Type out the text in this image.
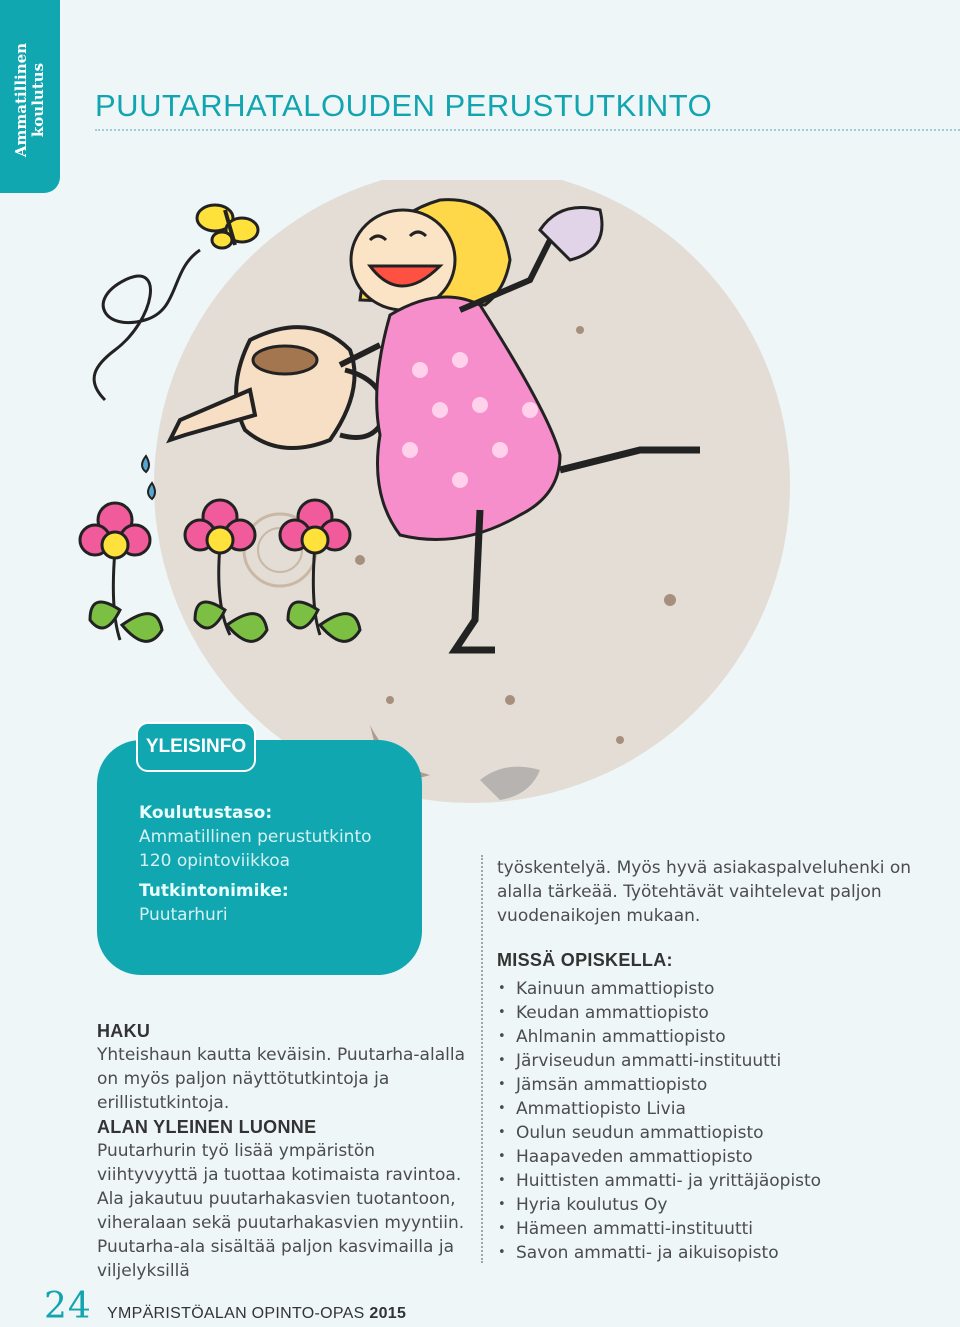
Ammatillinen
koulutus PUUTARHATALOUDEN PERUSTUTKINTO
YLEISINFO
Koulutustaso:
Ammatillinen perustutkinto
120 opintoviikkoa
Tutkintonimike:
Puutarhuri
HAKU

Yhteishaun kautta keväisin. Puutarha-alalla on myös paljon näyttötutkintoja ja erillistutkintoja.

ALAN YLEINEN LUONNE

Puutarhurin työ lisää ympäristön viihtyvyyttä ja tuottaa kotimaista ravintoa. Ala jakautuu puutarhakasvien tuotantoon, viheralaan sekä puutarhakasvien myyntiin. Puutarha-ala sisältää paljon kasvimailla ja viljelyksillä

työskentelyä. Myös hyvä asiakaspalveluhenki on alalla tärkeää. Työtehtävät vaihtelevat paljon vuodenaikojen mukaan.

MISSÄ OPISKELLA:
• Kainuun ammattiopisto
• Keudan ammattiopisto
• Ahlmanin ammattiopisto
• Järviseudun ammatti-instituutti
• Jämsän ammattiopisto
• Ammattiopisto Livia
• Oulun seudun ammattiopisto
• Haapaveden ammattiopisto
• Huittisten ammatti- ja yrittäjäopisto
• Hyria koulutus Oy
• Hämeen ammatti-instituutti
• Savon ammatti- ja aikuisopisto
24 YMPÄRISTÖALAN OPINTO-OPAS 2015
